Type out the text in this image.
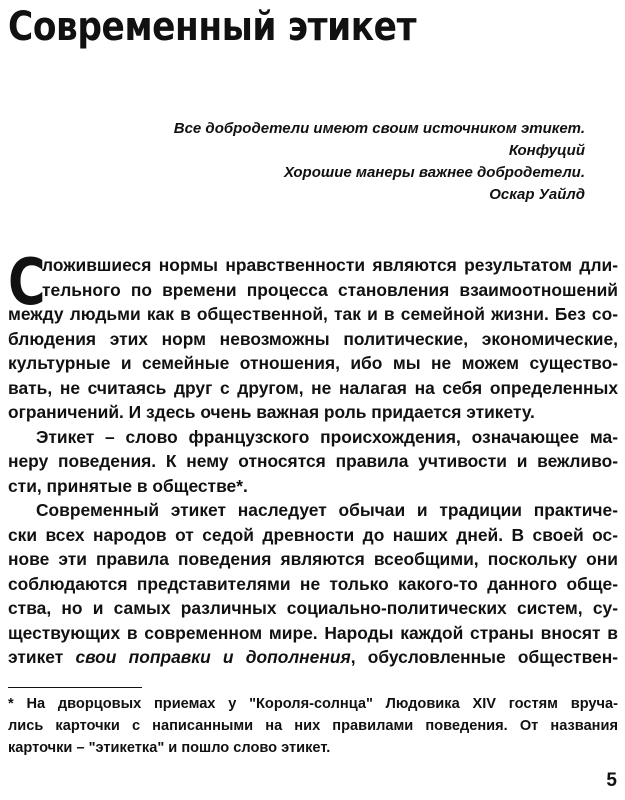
Современный этикет
Все добродетели имеют своим источником этикет.
Конфуций
Хорошие манеры важнее добродетели.
Оскар Уайлд
С
ложившиеся нормы нравственности являются результатом дли-
тельного по времени процесса становления взаимоотношений
между людьми как в общественной, так и в семейной жизни. Без со-
блюдения этих норм невозможны политические, экономические,
культурные и семейные отношения, ибо мы не можем существо-
вать, не считаясь друг с другом, не налагая на себя определенных
ограничений. И здесь очень важная роль придается этикету.
Этикет – слово французского происхождения, означающее ма-
неру поведения. К нему относятся правила учтивости и вежливо-
сти, принятые в обществе*.
Современный этикет наследует обычаи и традиции практиче-
ски всех народов от седой древности до наших дней. В своей ос-
нове эти правила поведения являются всеобщими, поскольку они
соблюдаются представителями не только какого-то данного обще-
ства, но и самых различных социально-политических систем, су-
ществующих в современном мире. Народы каждой страны вносят в
этикет свои поправки и дополнения, обусловленные обществен-
* На дворцовых приемах у "Короля-солнца" Людовика XIV гостям вруча-
лись карточки с написанными на них правилами поведения. От названия
карточки – "этикетка" и пошло слово этикет.
5
